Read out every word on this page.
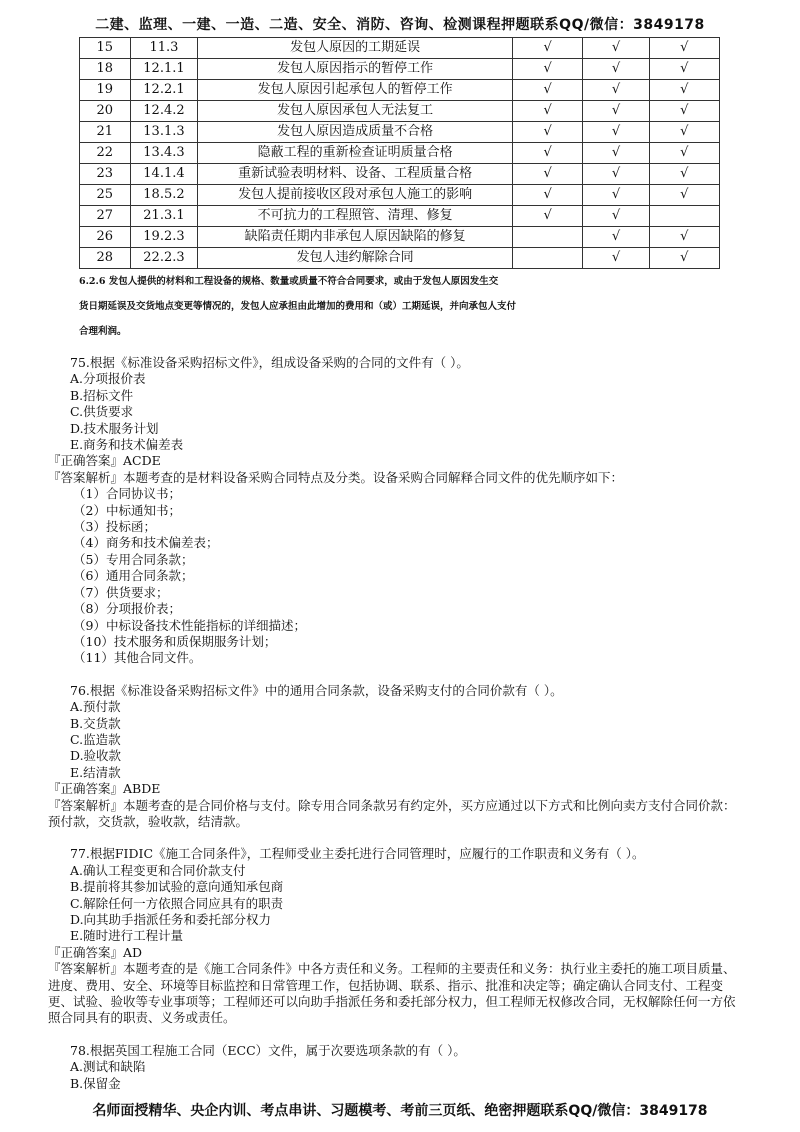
二建、监理、一建、一造、二造、安全、消防、咨询、检测课程押题联系QQ/微信：3849178
15	11.3	发包人原因的工期延误	√	√	√
18	12.1.1	发包人原因指示的暂停工作	√	√	√
19	12.2.1	发包人原因引起承包人的暂停工作	√	√	√
20	12.4.2	发包人原因承包人无法复工	√	√	√
21	13.1.3	发包人原因造成质量不合格	√	√	√
22	13.4.3	隐蔽工程的重新检查证明质量合格	√	√	√
23	14.1.4	重新试验表明材料、设备、工程质量合格	√	√	√
25	18.5.2	发包人提前接收区段对承包人施工的影响	√	√	√
27	21.3.1	不可抗力的工程照管、清理、修复	√	√	
26	19.2.3	缺陷责任期内非承包人原因缺陷的修复		√	√
28	22.2.3	发包人违约解除合同		√	√
6.2.6 发包人提供的材料和工程设备的规格、数量或质量不符合合同要求，或由于发包人原因发生交
货日期延误及交货地点变更等情况的，发包人应承担由此增加的费用和（或）工期延误，并向承包人支付
合理利润。

75.根据《标准设备采购招标文件》，组成设备采购的合同的文件有（ ）。

A.分项报价表

B.招标文件

C.供货要求

D.技术服务计划

E.商务和技术偏差表

『正确答案』ACDE

『答案解析』本题考查的是材料设备采购合同特点及分类。设备采购合同解释合同文件的优先顺序如下：

（1）合同协议书；

（2）中标通知书；

（3）投标函；

（4）商务和技术偏差表；

（5）专用合同条款；

（6）通用合同条款；

（7）供货要求；

（8）分项报价表；

（9）中标设备技术性能指标的详细描述；

（10）技术服务和质保期服务计划；

（11）其他合同文件。

76.根据《标准设备采购招标文件》中的通用合同条款，设备采购支付的合同价款有（ ）。

A.预付款

B.交货款

C.监造款

D.验收款

E.结清款

『正确答案』ABDE

『答案解析』本题考查的是合同价格与支付。除专用合同条款另有约定外，买方应通过以下方式和比例向卖方支付合同价款：

预付款，交货款，验收款，结清款。

77.根据FIDIC《施工合同条件》，工程师受业主委托进行合同管理时，应履行的工作职责和义务有（ ）。

A.确认工程变更和合同价款支付

B.提前将其参加试验的意向通知承包商

C.解除任何一方依照合同应具有的职责

D.向其助手指派任务和委托部分权力

E.随时进行工程计量

『正确答案』AD

『答案解析』本题考查的是《施工合同条件》中各方责任和义务。工程师的主要责任和义务：执行业主委托的施工项目质量、

进度、费用、安全、环境等目标监控和日常管理工作，包括协调、联系、指示、批准和决定等；确定确认合同支付、工程变

更、试验、验收等专业事项等；工程师还可以向助手指派任务和委托部分权力，但工程师无权修改合同，无权解除任何一方依

照合同具有的职责、义务或责任。

78.根据英国工程施工合同（ECC）文件，属于次要选项条款的有（ ）。

A.测试和缺陷

B.保留金

名师面授精华、央企内训、考点串讲、习题模考、考前三页纸、绝密押题联系QQ/微信：3849178
